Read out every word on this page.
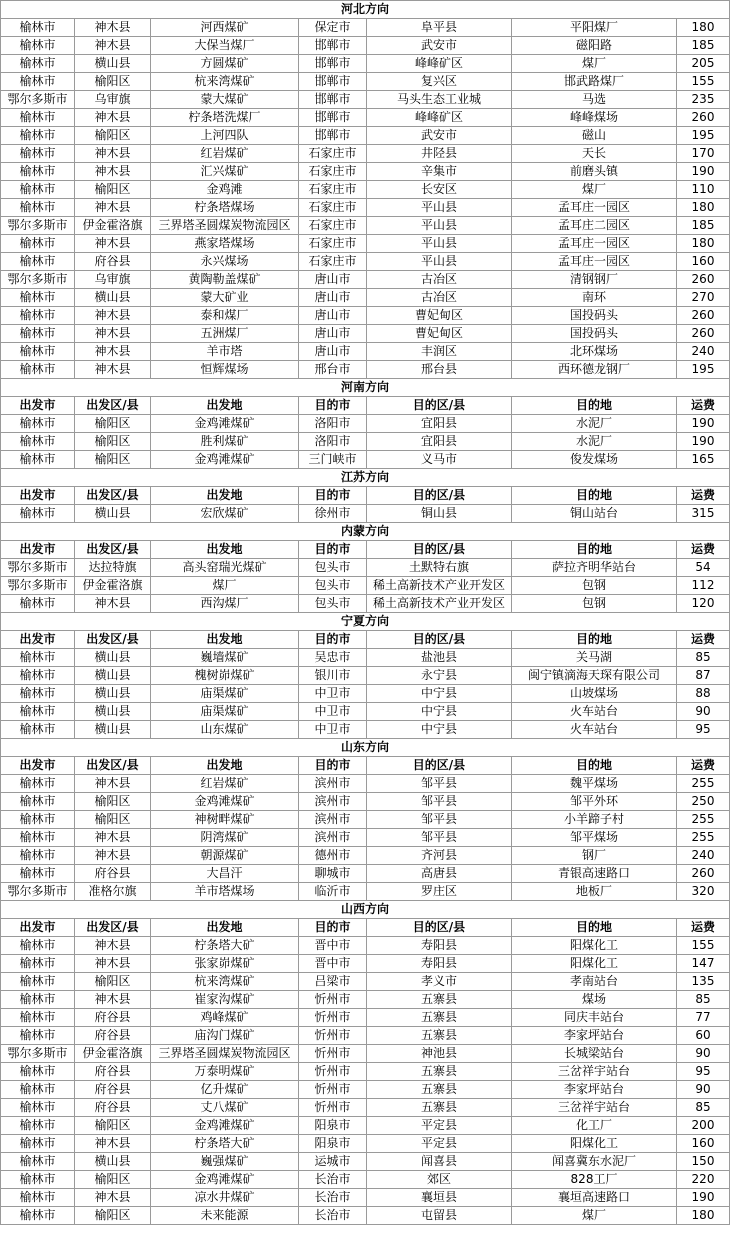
河北方向						
榆林市	神木县	河西煤矿	保定市	阜平县	平阳煤厂	180
榆林市	神木县	大保当煤厂	邯郸市	武安市	磁阳路	185
榆林市	横山县	方圆煤矿	邯郸市	峰峰矿区	煤厂	205
榆林市	榆阳区	杭来湾煤矿	邯郸市	复兴区	邯武路煤厂	155
鄂尔多斯市	乌审旗	蒙大煤矿	邯郸市	马头生态工业城	马选	235
榆林市	神木县	柠条塔洗煤厂	邯郸市	峰峰矿区	峰峰煤场	260
榆林市	榆阳区	上河四队	邯郸市	武安市	磁山	195
榆林市	神木县	红岩煤矿	石家庄市	井陉县	天长	170
榆林市	神木县	汇兴煤矿	石家庄市	辛集市	前磨头镇	190
榆林市	榆阳区	金鸡滩	石家庄市	长安区	煤厂	110
榆林市	神木县	柠条塔煤场	石家庄市	平山县	孟耳庄一园区	180
鄂尔多斯市	伊金霍洛旗	三界塔圣圆煤炭物流园区	石家庄市	平山县	孟耳庄二园区	185
榆林市	神木县	燕家塔煤场	石家庄市	平山县	孟耳庄一园区	180
榆林市	府谷县	永兴煤场	石家庄市	平山县	孟耳庄一园区	160
鄂尔多斯市	乌审旗	黄陶勒盖煤矿	唐山市	古冶区	清钢钢厂	260
榆林市	横山县	蒙大矿业	唐山市	古冶区	南环	270
榆林市	神木县	泰和煤厂	唐山市	曹妃甸区	国投码头	260
榆林市	神木县	五洲煤厂	唐山市	曹妃甸区	国投码头	260
榆林市	神木县	羊市塔	唐山市	丰润区	北环煤场	240
榆林市	神木县	恒辉煤场	邢台市	邢台县	西环德龙钢厂	195
河南方向						
出发市	出发区/县	出发地	目的市	目的区/县	目的地	运费
榆林市	榆阳区	金鸡滩煤矿	洛阳市	宜阳县	水泥厂	190
榆林市	榆阳区	胜利煤矿	洛阳市	宜阳县	水泥厂	190
榆林市	榆阳区	金鸡滩煤矿	三门峡市	义马市	俊发煤场	165
江苏方向						
出发市	出发区/县	出发地	目的市	目的区/县	目的地	运费
榆林市	横山县	宏欣煤矿	徐州市	铜山县	铜山站台	315
内蒙方向						
出发市	出发区/县	出发地	目的市	目的区/县	目的地	运费
鄂尔多斯市	达拉特旗	高头窑瑞光煤矿	包头市	土默特右旗	萨拉齐明华站台	54
鄂尔多斯市	伊金霍洛旗	煤厂	包头市	稀土高新技术产业开发区	包钢	112
榆林市	神木县	西沟煤厂	包头市	稀土高新技术产业开发区	包钢	120
宁夏方向						
出发市	出发区/县	出发地	目的市	目的区/县	目的地	运费
榆林市	横山县	巍墙煤矿	吴忠市	盐池县	关马湖	85
榆林市	横山县	槐树峁煤矿	银川市	永宁县	闽宁镇滴海天琛有限公司	87
榆林市	横山县	庙渠煤矿	中卫市	中宁县	山坡煤场	88
榆林市	横山县	庙渠煤矿	中卫市	中宁县	火车站台	90
榆林市	横山县	山东煤矿	中卫市	中宁县	火车站台	95
山东方向						
出发市	出发区/县	出发地	目的市	目的区/县	目的地	运费
榆林市	神木县	红岩煤矿	滨州市	邹平县	魏平煤场	255
榆林市	榆阳区	金鸡滩煤矿	滨州市	邹平县	邹平外环	250
榆林市	榆阳区	神树畔煤矿	滨州市	邹平县	小羊蹄子村	255
榆林市	神木县	阴湾煤矿	滨州市	邹平县	邹平煤场	255
榆林市	神木县	朝源煤矿	德州市	齐河县	钢厂	240
榆林市	府谷县	大昌汗	聊城市	高唐县	青银高速路口	260
鄂尔多斯市	准格尔旗	羊市塔煤场	临沂市	罗庄区	地板厂	320
山西方向						
出发市	出发区/县	出发地	目的市	目的区/县	目的地	运费
榆林市	神木县	柠条塔大矿	晋中市	寿阳县	阳煤化工	155
榆林市	神木县	张家峁煤矿	晋中市	寿阳县	阳煤化工	147
榆林市	榆阳区	杭来湾煤矿	吕梁市	孝义市	孝南站台	135
榆林市	神木县	崔家沟煤矿	忻州市	五寨县	煤场	85
榆林市	府谷县	鸡峰煤矿	忻州市	五寨县	同庆丰站台	77
榆林市	府谷县	庙沟门煤矿	忻州市	五寨县	李家坪站台	60
鄂尔多斯市	伊金霍洛旗	三界塔圣圆煤炭物流园区	忻州市	神池县	长城梁站台	90
榆林市	府谷县	万泰明煤矿	忻州市	五寨县	三岔祥宇站台	95
榆林市	府谷县	亿升煤矿	忻州市	五寨县	李家坪站台	90
榆林市	府谷县	丈八煤矿	忻州市	五寨县	三岔祥宇站台	85
榆林市	榆阳区	金鸡滩煤矿	阳泉市	平定县	化工厂	200
榆林市	神木县	柠条塔大矿	阳泉市	平定县	阳煤化工	160
榆林市	横山县	巍强煤矿	运城市	闻喜县	闻喜冀东水泥厂	150
榆林市	榆阳区	金鸡滩煤矿	长治市	郊区	828工厂	220
榆林市	神木县	凉水井煤矿	长治市	襄垣县	襄垣高速路口	190
榆林市	榆阳区	未来能源	长治市	屯留县	煤厂	180
